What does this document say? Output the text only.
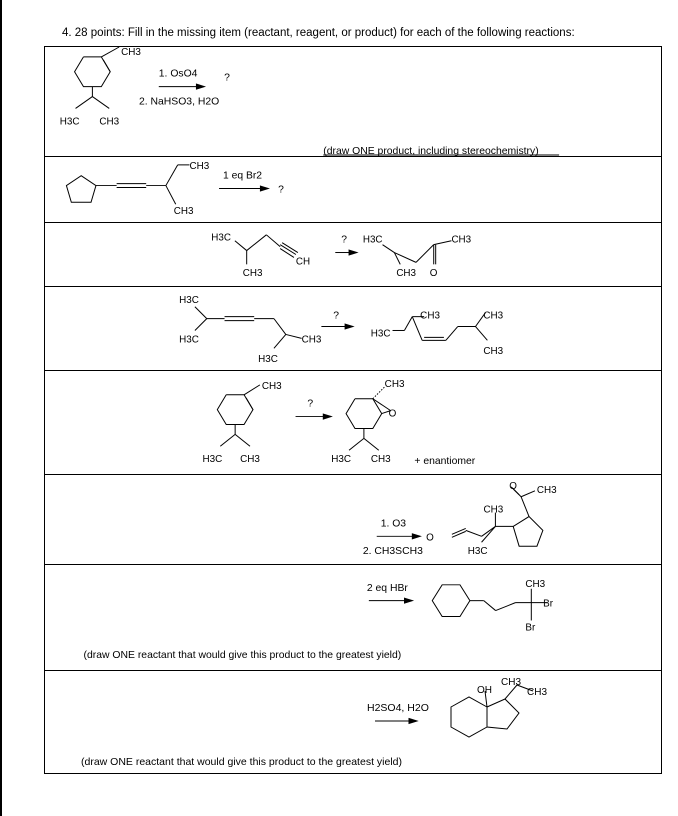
4. 28 points: Fill in the missing item (reactant, reagent, or product) for each of the following reactions:
CH3
H3C CH3
1. OsO4
2. NaHSO3, H2O
?
(draw ONE product, including stereochemistry)
CH3
CH3
1 eq Br2
?
H3C
CH3
CH
? H3C	CH3
CH3 O
H3C
H3C	CH3
H3C
?
H3C
CH3	CH3
CH3
CH3
H3C CH3
?
CH3
O
H3C CH3 + enantiomer
1. O3
2. CH3SCH3
O CH3
CH3
O
H3C
2 eq HBr	CH3
Br
Br
(draw ONE reactant that would give this product to the greatest yield)
H2SO4, H2O
OH
CH3
CH3
(draw ONE reactant that would give this product to the greatest yield)
